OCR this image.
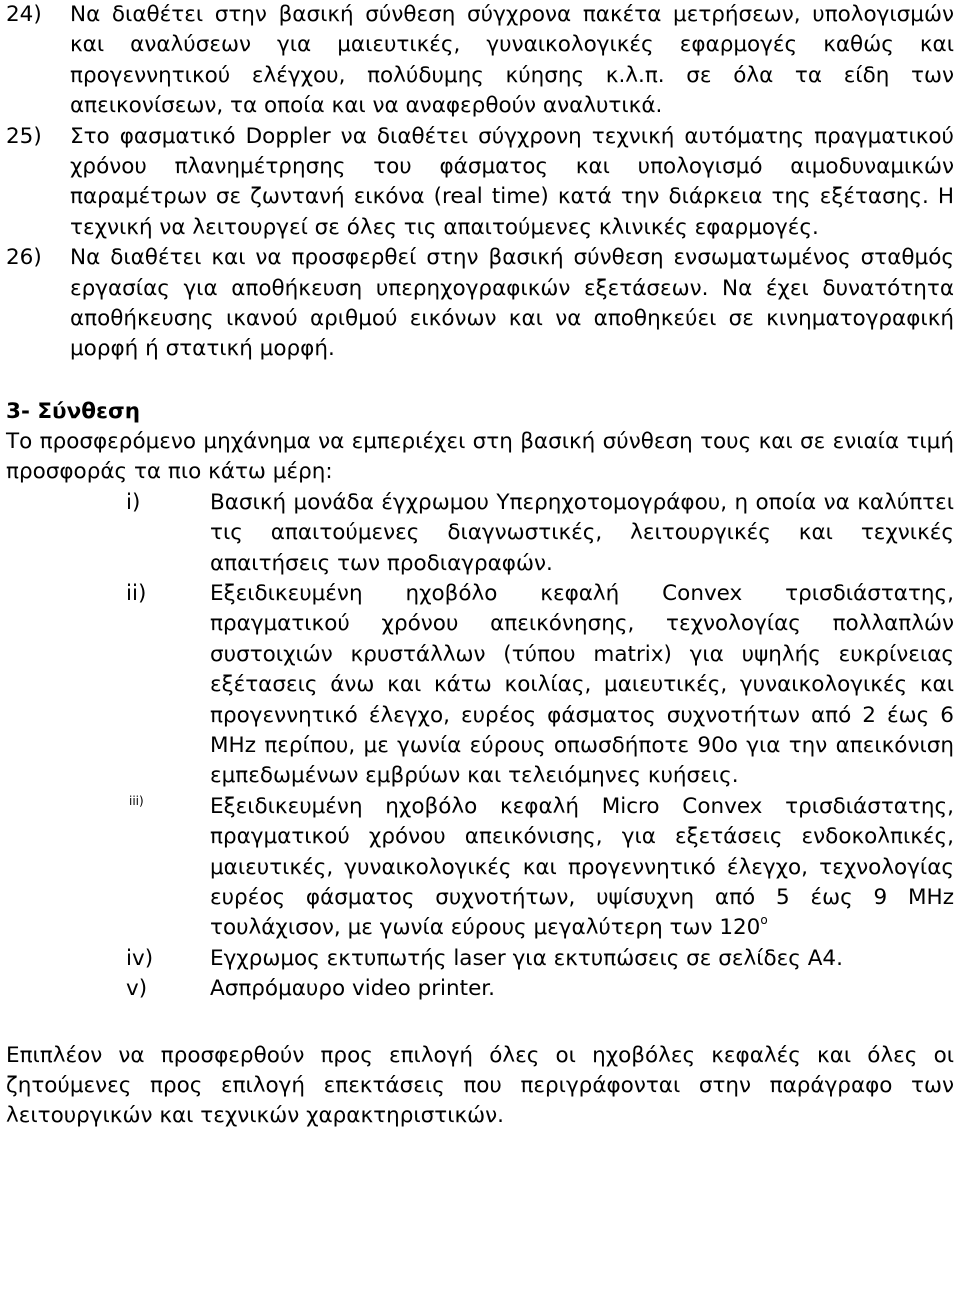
24) Να διαθέτει στην βασική σύνθεση σύγχρονα πακέτα μετρήσεων, υπολογισμών και αναλύσεων για μαιευτικές, γυναικολογικές εφαρμογές καθώς και προγεννητικού ελέγχου, πολύδυμης κύησης κ.λ.π. σε όλα τα είδη των απεικονίσεων, τα οποία και να αναφερθούν αναλυτικά.
25) Στο φασματικό Doppler να διαθέτει σύγχρονη τεχνική αυτόματης πραγματικού χρόνου πλανημέτρησης του φάσματος και υπολογισμό αιμοδυναμικών παραμέτρων σε ζωντανή εικόνα (real time) κατά την διάρκεια της εξέτασης. Η τεχνική να λειτουργεί σε όλες τις απαιτούμενες κλινικές εφαρμογές.
26) Να διαθέτει και να προσφερθεί στην βασική σύνθεση ενσωματωμένος σταθμός εργασίας για αποθήκευση υπερηχογραφικών εξετάσεων. Να έχει δυνατότητα αποθήκευσης ικανού αριθμού εικόνων και να αποθηκεύει σε κινηματογραφική μορφή ή στατική μορφή.
3- Σύνθεση
Το προσφερόμενο μηχάνημα να εμπεριέχει στη βασική σύνθεση τους και σε ενιαία τιμή προσφοράς τα πιο κάτω μέρη:
i)	Βασική μονάδα έγχρωμου Υπερηχοτομογράφου, η οποία να καλύπτει τις απαιτούμενες διαγνωστικές, λειτουργικές και τεχνικές απαιτήσεις των προδιαγραφών.
ii)	Εξειδικευμένη ηχοβόλο κεφαλή Convex τρισδιάστατης, πραγματικού χρόνου απεικόνησης, τεχνολογίας πολλαπλών συστοιχιών κρυστάλλων (τύπου matrix) για υψηλής ευκρίνειας εξέτασεις άνω και κάτω κοιλίας, μαιευτικές, γυναικολογικές και προγεννητικό έλεγχο, ευρέος φάσματος συχνοτήτων από 2 έως 6 MHz περίπου, με γωνία εύρους οπωσδήποτε 90o για την απεικόνιση εμπεδωμένων εμβρύων και τελειόμηνες κυήσεις.
iii)	Εξειδικευμένη ηχοβόλο κεφαλή Micro Convex τρισδιάστατης, πραγματικού χρόνου απεικόνισης, για εξετάσεις ενδοκολπικές, μαιευτικές, γυναικολογικές και προγεννητικό έλεγχο, τεχνολογίας ευρέος φάσματος συχνοτήτων, υψίσυχνη από 5 έως 9 MHz τουλάχισον, με γωνία εύρους μεγαλύτερη των 120$^o$
iv)	Εγχρωμος εκτυπωτής laser για εκτυπώσεις σε σελίδες Α4.
v)	Ασπρόμαυρο video printer.
Επιπλέον να προσφερθούν προς επιλογή όλες οι ηχοβόλες κεφαλές και όλες οι ζητούμενες προς επιλογή επεκτάσεις που περιγράφονται στην παράγραφο των λειτουργικών και τεχνικών χαρακτηριστικών.
